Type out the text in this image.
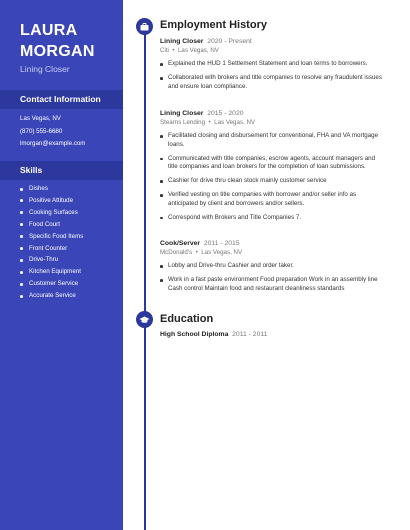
LAURA
MORGAN
Lining Closer
Contact Information
Las Vegas, NV
(870) 555-6680
lmorgan@example.com
Skills
Dishes
Positive Attitude
Cooking Surfaces
Food Court
Specific Food Items
Front Counter
Drive-Thru
Kitchen Equipment
Customer Service
Accurate Service
Employment History
Lining Closer 2020 - Present
Citi  •  Las Vegas, NV
Explained the HUD 1 Settlement Statement and loan terms to borrowers.
Collaborated with brokers and title companies to resolve any fraudulent issues and ensure loan compliance.
Lining Closer 2015 - 2020
Stearns Lending  •  Las Vegas, NV
Facilitated closing and disbursement for conventional, FHA and VA mortgage loans.
Communicated with title companies, escrow agents, account managers and title companies and loan brokers for the completion of loan submissions.
Cashier for drive thru clean stock mainly customer service
Verified vesting on title companies with borrower and/or seller info as anticipated by client and borrowers and/or sellers.
Correspond with Brokers and Title Companies 7.
Cook/Server 2011 - 2015
McDonald's  •  Las Vegas, NV
Lobby and Drive-thru Cashier and order taker.
Work in a fast paste environment Food preparation Work in an assembly line Cash control Maintain food and restaurant cleanliness standards
Education
High School Diploma 2011 - 2011
